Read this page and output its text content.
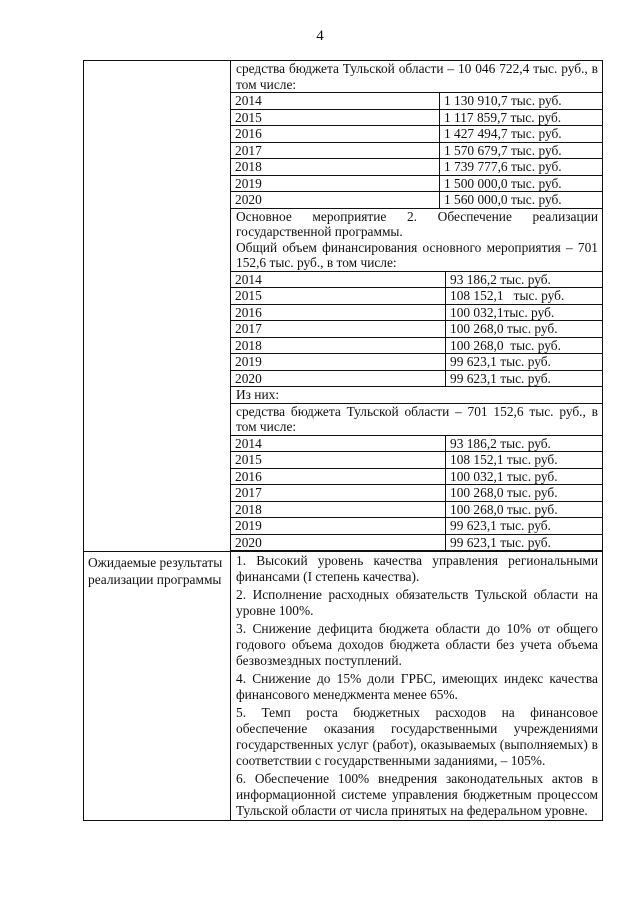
4

средства бюджета Тульской области – 10 046 722,4 тыс. руб., в том числе:
2014	1 130 910,7 тыс. руб.
2015	1 117 859,7 тыс. руб.
2016	1 427 494,7 тыс. руб.
2017	1 570 679,7 тыс. руб.
2018	1 739 777,6 тыс. руб.
2019	1 500 000,0 тыс. руб.
2020	1 560 000,0 тыс. руб.
Основное мероприятие 2. Обеспечение реализации государственной программы.
Общий объем финансирования основного мероприятия – 701 152,6 тыс. руб., в том числе:
2014	93 186,2 тыс. руб.
2015	108 152,1   тыс. руб.
2016	100 032,1тыс. руб.
2017	100 268,0 тыс. руб.
2018	100 268,0  тыс. руб.
2019	99 623,1 тыс. руб.
2020	99 623,1 тыс. руб.
Из них:
средства бюджета Тульской области – 701 152,6 тыс. руб., в том числе:
2014	93 186,2 тыс. руб.
2015	108 152,1 тыс. руб.
2016	100 032,1 тыс. руб.
2017	100 268,0 тыс. руб.
2018	100 268,0 тыс. руб.
2019	99 623,1 тыс. руб.
2020	99 623,1 тыс. руб.

Ожидаемые результаты реализации программы

1. Высокий уровень качества управления региональными финансами (I степень качества).
2. Исполнение расходных обязательств Тульской области на уровне 100%.
3. Снижение дефицита бюджета области до 10% от общего годового объема доходов бюджета области без учета объема безвозмездных поступлений.
4. Снижение до 15% доли ГРБС, имеющих индекс качества финансового менеджмента менее 65%.
5. Темп роста бюджетных расходов на финансовое обеспечение оказания государственными учреждениями государственных услуг (работ), оказываемых (выполняемых) в соответствии с государственными заданиями, – 105%.
6. Обеспечение 100% внедрения законодательных актов в информационной системе управления бюджетным процессом Тульской области от числа принятых на федеральном уровне.
